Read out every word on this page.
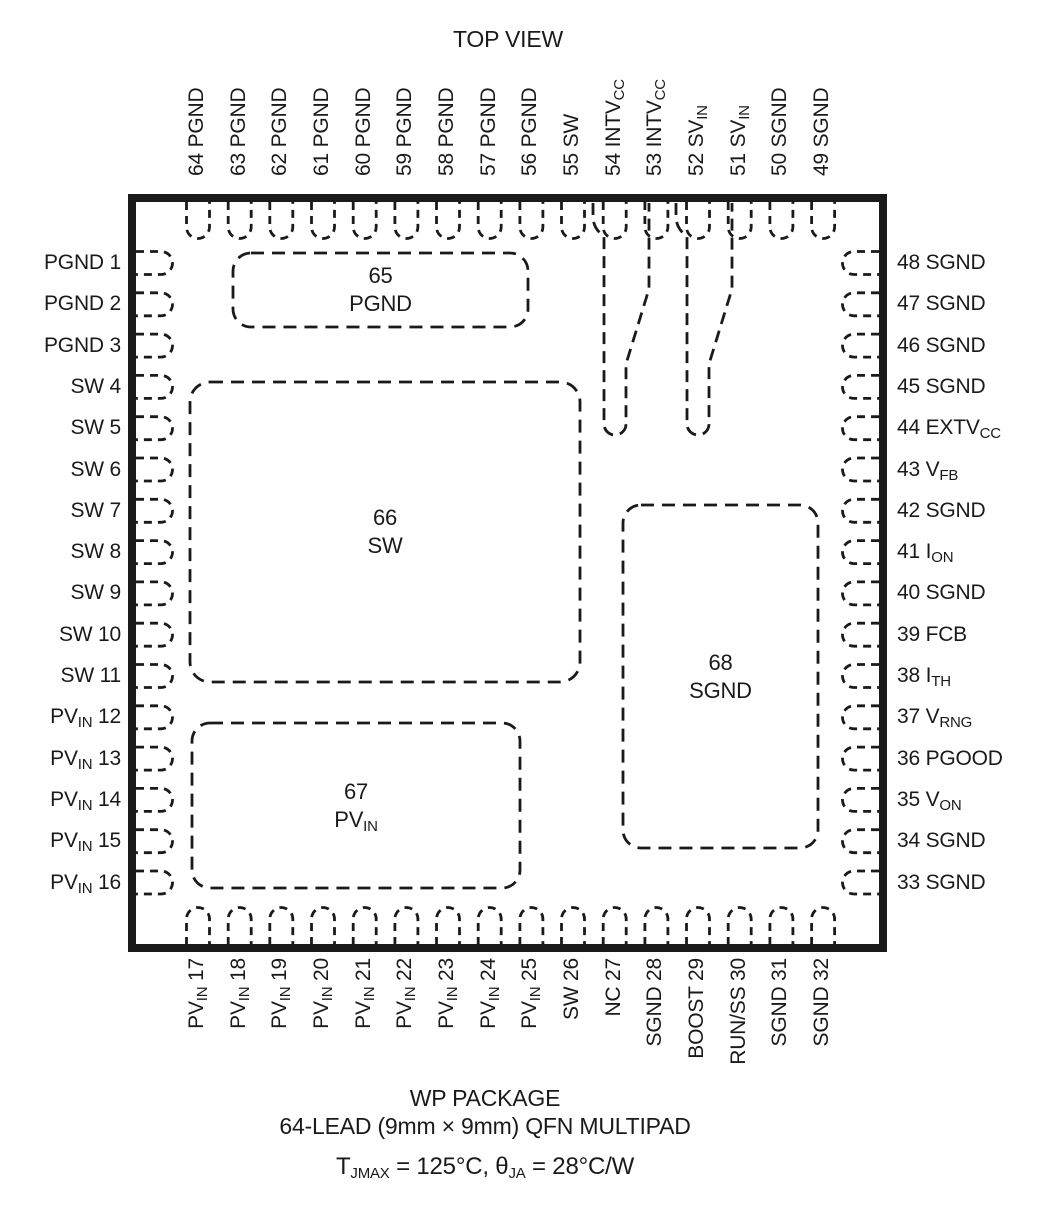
TOP VIEW
64 PGND 63 PGND 62 PGND 61 PGND 60 PGND 59 PGND 58 PGND 57 PGND 56 PGND 55 SW 54 $INTV_{CC}$
53 $INTV_{CC}$
52 $SV_{IN}$
51 $SV_{IN}$ 50 SGND 49 SGND
$PV_{IN}$ 17
$PV_{IN}$ 18
$PV_{IN}$ 19
$PV_{IN}$ 20
$PV_{IN}$ 21
$PV_{IN}$ 22
$PV_{IN}$ 23
$PV_{IN}$ 24
$PV_{IN}$ 25
SW 26
NC 27
SGND 28
BOOST 29
RUN/SS 30
SGND 31
SGND 32
PGND 1
PGND 2
PGND 3
SW 4
SW 5
SW 6
SW 7
SW 8
SW 9
SW 10
SW 11
$PV_{IN}$ 12
$PV_{IN}$ 13
$PV_{IN}$ 14
$PV_{IN}$ 15
$PV_{IN}$ 16
48 SGND
47 SGND
46 SGND
45 SGND
44 $EXTV_{CC}$
43 $V_{FB}$
42 SGND
41 $I_{ON}$
40 SGND
39 FCB
38 $I_{TH}$
37 $V_{RNG}$
36 PGOOD
35 $V_{ON}$
34 SGND
33 SGND
65
PGND
66
SW
67
$PV_{IN}$
68
SGND
WP PACKAGE
64-LEAD (9mm × 9mm) QFN MULTIPAD
$T_{JMAX} = 125^\circ C$, $\theta_{JA} = 28^\circ C/W$
